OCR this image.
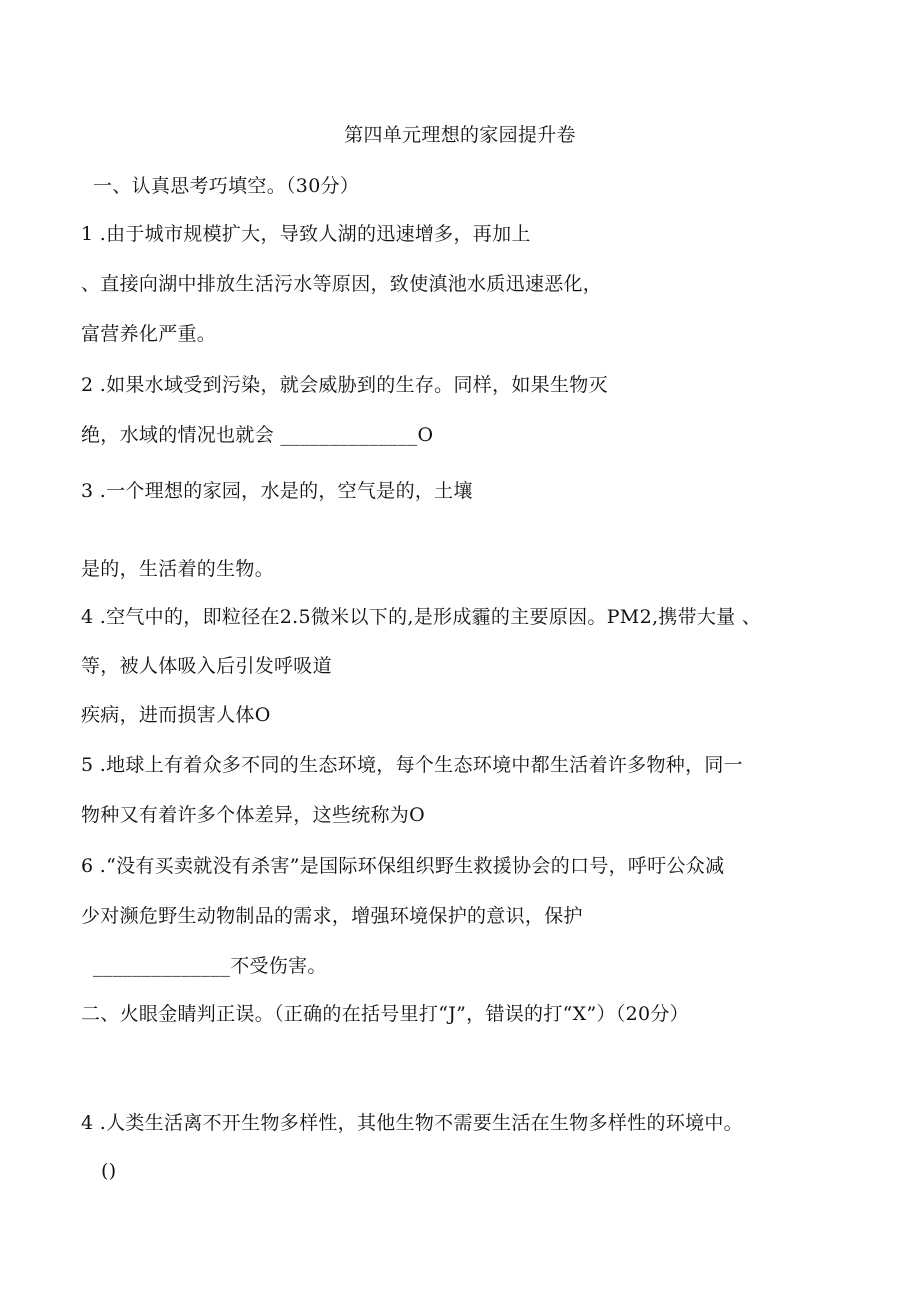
第四单元理想的家园提升卷
一、认真思考巧填空。（30分）
1 .由于城市规模扩大，导致人湖的迅速增多，再加上
、直接向湖中排放生活污水等原因，致使滇池水质迅速恶化，
富营养化严重。
2 .如果水域受到污染，就会威胁到的生存。同样，如果生物灭
绝，水域的情况也就会 ______________O
3 .一个理想的家园，水是的，空气是的，土壤
是的，生活着的生物。
4 .空气中的，即粒径在2.5微米以下的,是形成霾的主要原因。PM2,携带大量 、
等，被人体吸入后引发呼吸道
疾病，进而损害人体O
5 .地球上有着众多不同的生态环境，每个生态环境中都生活着许多物种，同一
物种又有着许多个体差异，这些统称为O
6 .“没有买卖就没有杀害”是国际环保组织野生救援协会的口号，呼吁公众减
少对濒危野生动物制品的需求，增强环境保护的意识，保护
______________不受伤害。
二、火眼金睛判正误。（正确的在括号里打“J”，错误的打“X”）（20分）
4 .人类生活离不开生物多样性，其他生物不需要生活在生物多样性的环境中。
()
